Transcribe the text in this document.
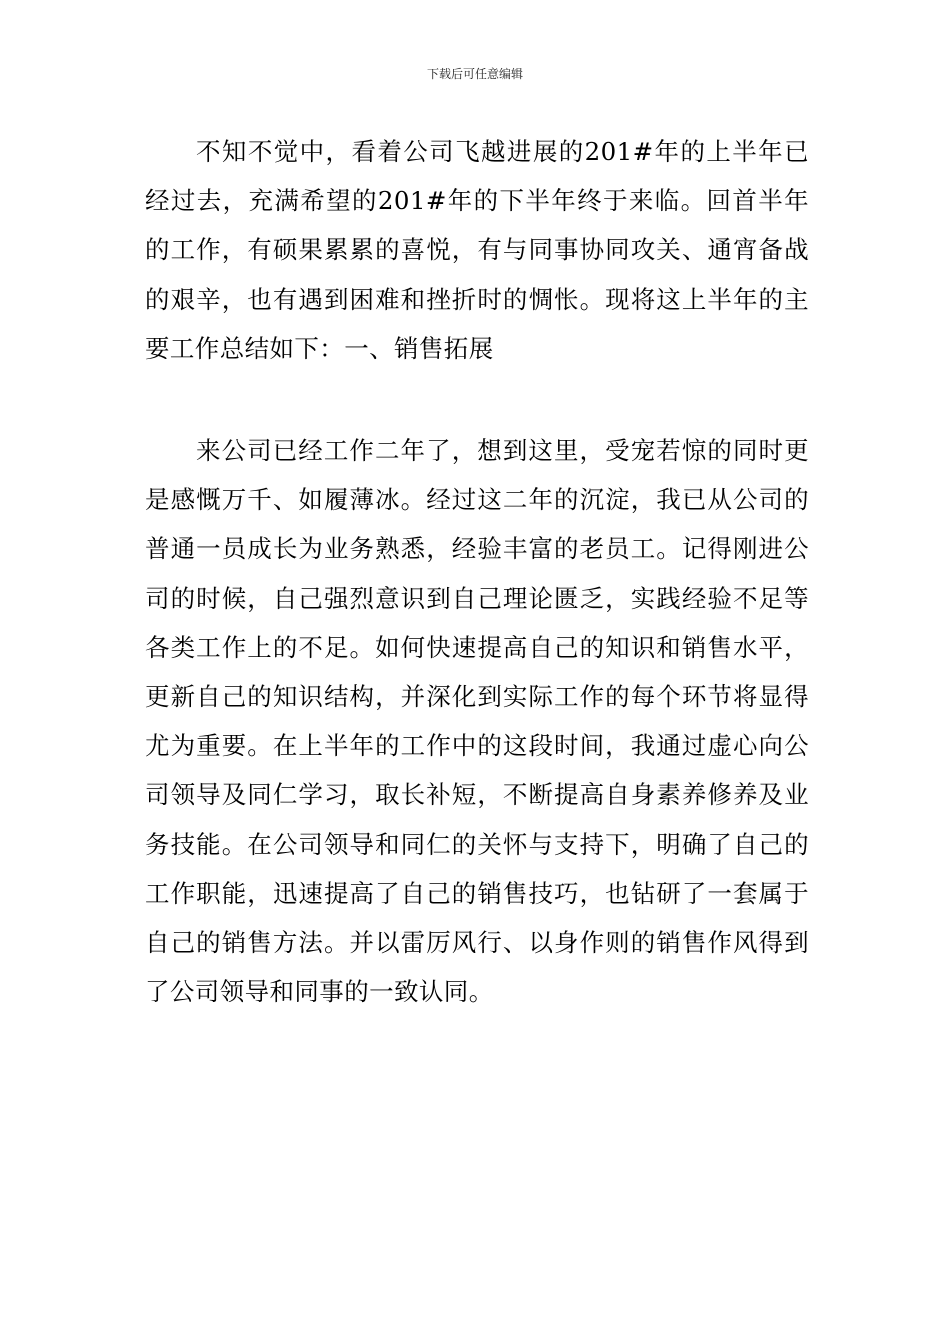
下载后可任意编辑

不知不觉中，看着公司飞越进展的201#年的上半年已经过去，充满希望的201#年的下半年终于来临。回首半年的工作，有硕果累累的喜悦，有与同事协同攻关、通宵备战的艰辛，也有遇到困难和挫折时的惆怅。现将这上半年的主要工作总结如下：一、销售拓展

来公司已经工作二年了，想到这里，受宠若惊的同时更是感慨万千、如履薄冰。经过这二年的沉淀，我已从公司的普通一员成长为业务熟悉，经验丰富的老员工。记得刚进公司的时候，自己强烈意识到自己理论匮乏，实践经验不足等各类工作上的不足。如何快速提高自己的知识和销售水平，更新自己的知识结构，并深化到实际工作的每个环节将显得尤为重要。在上半年的工作中的这段时间，我通过虚心向公司领导及同仁学习，取长补短，不断提高自身素养修养及业务技能。在公司领导和同仁的关怀与支持下，明确了自己的工作职能，迅速提高了自己的销售技巧，也钻研了一套属于自己的销售方法。并以雷厉风行、以身作则的销售作风得到了公司领导和同事的一致认同。
